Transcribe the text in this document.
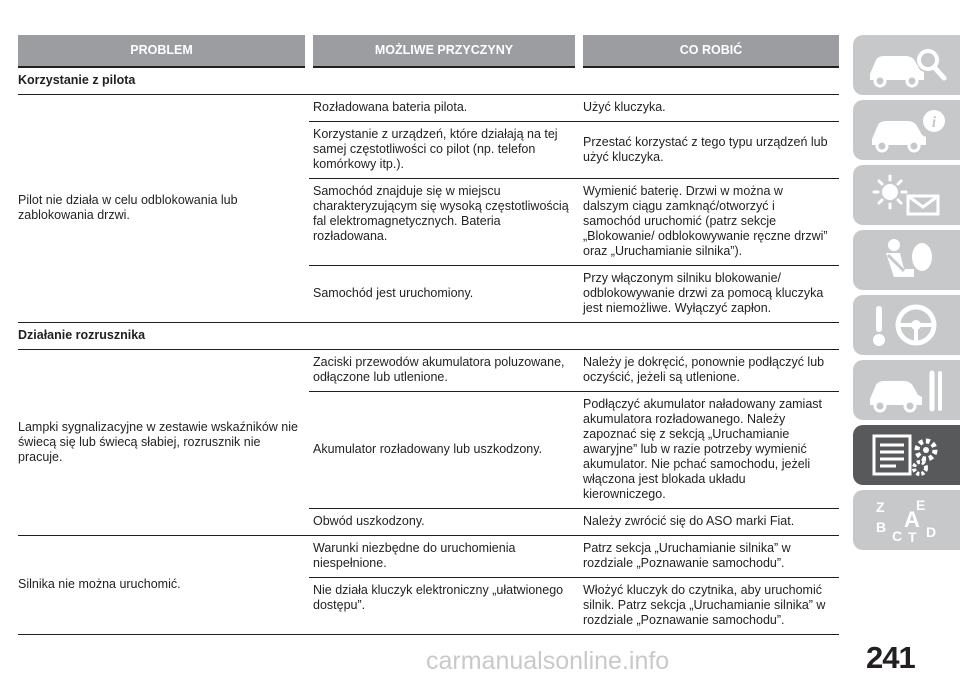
PROBLEM	MOŻLIWE PRZYCZYNY	CO ROBIĆ
Korzystanie z pilota		
Pilot nie działa w celu odblokowania lub zablokowania drzwi.	Rozładowana bateria pilota.	Użyć kluczyka.
	Korzystanie z urządzeń, które działają na tej samej częstotliwości co pilot (np. telefon komórkowy itp.).	Przestać korzystać z tego typu urządzeń lub użyć kluczyka.
	Samochód znajduje się w miejscu charakteryzującym się wysoką częstotliwością fal elektromagnetycznych. Bateria rozładowana.	Wymienić baterię. Drzwi w można w dalszym ciągu zamknąć/otworzyć i samochód uruchomić (patrz sekcje „Blokowanie/ odblokowywanie ręczne drzwi” oraz „Uruchamianie silnika”).
	Samochód jest uruchomiony.	Przy włączonym silniku blokowanie/ odblokowywanie drzwi za pomocą kluczyka jest niemożliwe. Wyłączyć zapłon.
Działanie rozrusznika		
Lampki sygnalizacyjne w zestawie wskaźników nie świecą się lub świecą słabiej, rozrusznik nie pracuje.	Zaciski przewodów akumulatora poluzowane, odłączone lub utlenione.	Należy je dokręcić, ponownie podłączyć lub oczyścić, jeżeli są utlenione.
	Akumulator rozładowany lub uszkodzony.	Podłączyć akumulator naładowany zamiast akumulatora rozładowanego. Należy zapoznać się z sekcją „Uruchamianie awaryjne” lub w razie potrzeby wymienić akumulator. Nie pchać samochodu, jeżeli włączona jest blokada układu kierowniczego.
	Obwód uszkodzony.	Należy zwrócić się do ASO marki Fiat.
Silnika nie można uruchomić.	Warunki niezbędne do uruchomienia niespełnione.	Patrz sekcja „Uruchamianie silnika” w rozdziale „Poznawanie samochodu”.
	Nie działa kluczyk elektroniczny „ułatwionego dostępu”.	Włożyć kluczyk do czytnika, aby uruchomić silnik. Patrz sekcja „Uruchamianie silnika” w rozdziale „Poznawanie samochodu”.
i
Z E
B A
C T D
241
carmanualsonline.info
